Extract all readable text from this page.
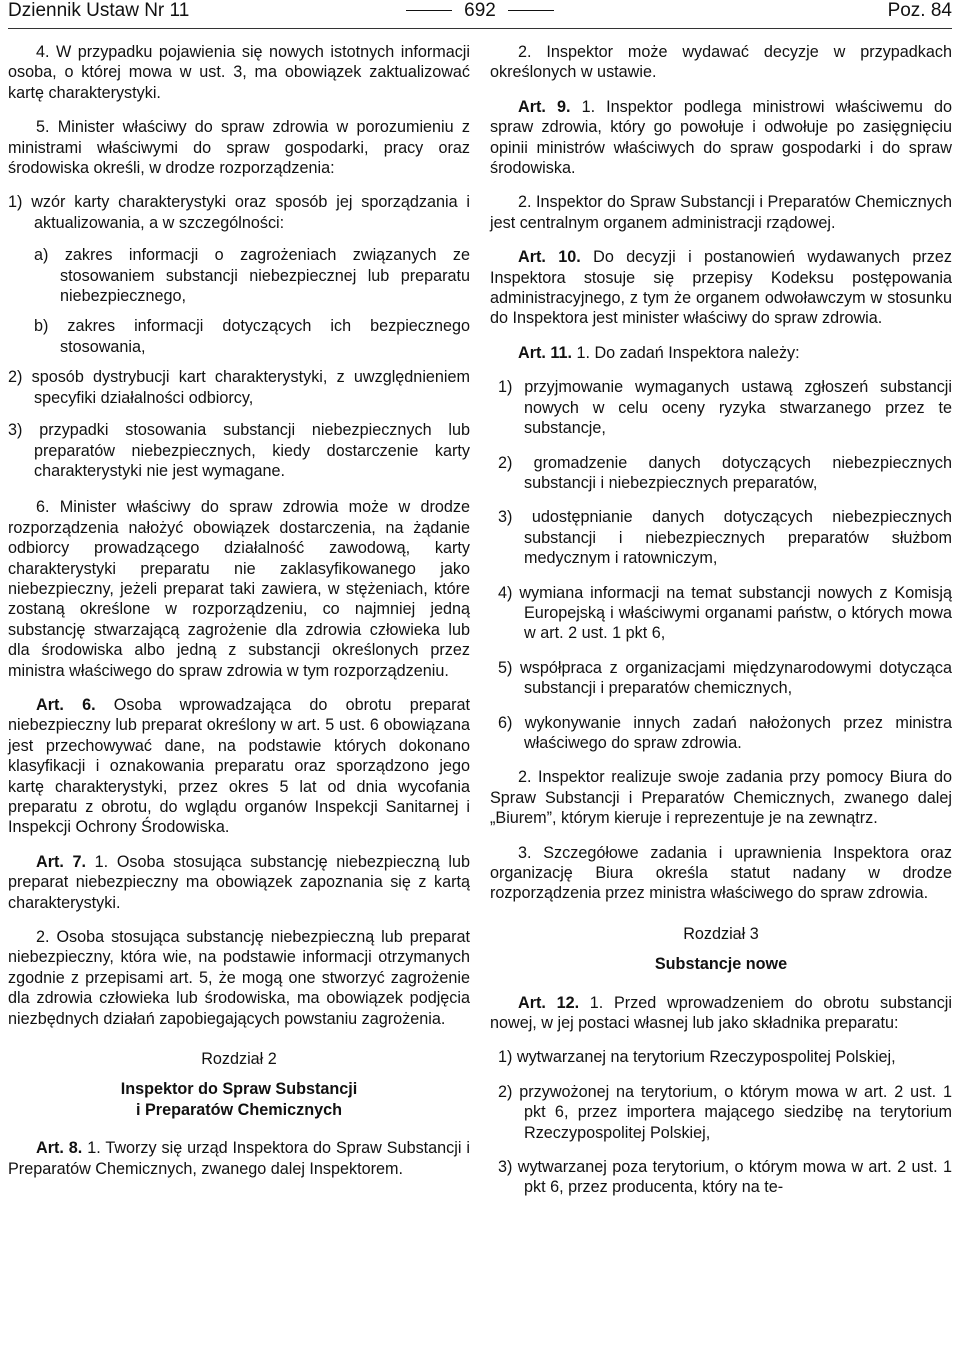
Dziennik Ustaw Nr 11	692	Poz. 84

4. W przypadku pojawienia się nowych istotnych informacji osoba, o której mowa w ust. 3, ma obowiązek zaktualizować kartę charakterystyki.

5. Minister właściwy do spraw zdrowia w porozumieniu z ministrami właściwymi do spraw gospodarki, pracy oraz środowiska określi, w drodze rozporządzenia:

1) wzór karty charakterystyki oraz sposób jej sporządzania i aktualizowania, a w szczególności:
a) zakres informacji o zagrożeniach związanych ze stosowaniem substancji niebezpiecznej lub preparatu niebezpiecznego,
b) zakres informacji dotyczących ich bezpiecznego stosowania,
2) sposób dystrybucji kart charakterystyki, z uwzględnieniem specyfiki działalności odbiorcy,
3) przypadki stosowania substancji niebezpiecznych lub preparatów niebezpiecznych, kiedy dostarczenie karty charakterystyki nie jest wymagane.

6. Minister właściwy do spraw zdrowia może w drodze rozporządzenia nałożyć obowiązek dostarczenia, na żądanie odbiorcy prowadzącego działalność zawodową, karty charakterystyki preparatu nie zaklasyfikowanego jako niebezpieczny, jeżeli preparat taki zawiera, w stężeniach, które zostaną określone w rozporządzeniu, co najmniej jedną substancję stwarzającą zagrożenie dla zdrowia człowieka lub dla środowiska albo jedną z substancji określonych przez ministra właściwego do spraw zdrowia w tym rozporządzeniu.

Art. 6. Osoba wprowadzająca do obrotu preparat niebezpieczny lub preparat określony w art. 5 ust. 6 obowiązana jest przechowywać dane, na podstawie których dokonano klasyfikacji i oznakowania preparatu oraz sporządzono jego kartę charakterystyki, przez okres 5 lat od dnia wycofania preparatu z obrotu, do wglądu organów Inspekcji Sanitarnej i Inspekcji Ochrony Środowiska.

Art. 7. 1. Osoba stosująca substancję niebezpieczną lub preparat niebezpieczny ma obowiązek zapoznania się z kartą charakterystyki.

2. Osoba stosująca substancję niebezpieczną lub preparat niebezpieczny, która wie, na podstawie informacji otrzymanych zgodnie z przepisami art. 5, że mogą one stworzyć zagrożenie dla zdrowia człowieka lub środowiska, ma obowiązek podjęcia niezbędnych działań zapobiegających powstaniu zagrożenia.

Rozdział 2
Inspektor do Spraw Substancji
i Preparatów Chemicznych

Art. 8. 1. Tworzy się urząd Inspektora do Spraw Substancji i Preparatów Chemicznych, zwanego dalej Inspektorem.

2. Inspektor może wydawać decyzje w przypadkach określonych w ustawie.

Art. 9. 1. Inspektor podlega ministrowi właściwemu do spraw zdrowia, który go powołuje i odwołuje po zasięgnięciu opinii ministrów właściwych do spraw gospodarki i do spraw środowiska.

2. Inspektor do Spraw Substancji i Preparatów Chemicznych jest centralnym organem administracji rządowej.

Art. 10. Do decyzji i postanowień wydawanych przez Inspektora stosuje się przepisy Kodeksu postępowania administracyjnego, z tym że organem odwoławczym w stosunku do Inspektora jest minister właściwy do spraw zdrowia.

Art. 11. 1. Do zadań Inspektora należy:

1) przyjmowanie wymaganych ustawą zgłoszeń substancji nowych w celu oceny ryzyka stwarzanego przez te substancje,
2) gromadzenie danych dotyczących niebezpiecznych substancji i niebezpiecznych preparatów,
3) udostępnianie danych dotyczących niebezpiecznych substancji i niebezpiecznych preparatów służbom medycznym i ratowniczym,
4) wymiana informacji na temat substancji nowych z Komisją Europejską i właściwymi organami państw, o których mowa w art. 2 ust. 1 pkt 6,
5) współpraca z organizacjami międzynarodowymi dotycząca substancji i preparatów chemicznych,
6) wykonywanie innych zadań nałożonych przez ministra właściwego do spraw zdrowia.

2. Inspektor realizuje swoje zadania przy pomocy Biura do Spraw Substancji i Preparatów Chemicznych, zwanego dalej „Biurem”, którym kieruje i reprezentuje je na zewnątrz.

3. Szczegółowe zadania i uprawnienia Inspektora oraz organizację Biura określa statut nadany w drodze rozporządzenia przez ministra właściwego do spraw zdrowia.

Rozdział 3
Substancje nowe

Art. 12. 1. Przed wprowadzeniem do obrotu substancji nowej, w jej postaci własnej lub jako składnika preparatu:

1) wytwarzanej na terytorium Rzeczypospolitej Polskiej,
2) przywożonej na terytorium, o którym mowa w art. 2 ust. 1 pkt 6, przez importera mającego siedzibę na terytorium Rzeczypospolitej Polskiej,
3) wytwarzanej poza terytorium, o którym mowa w art. 2 ust. 1 pkt 6, przez producenta, który na te-
